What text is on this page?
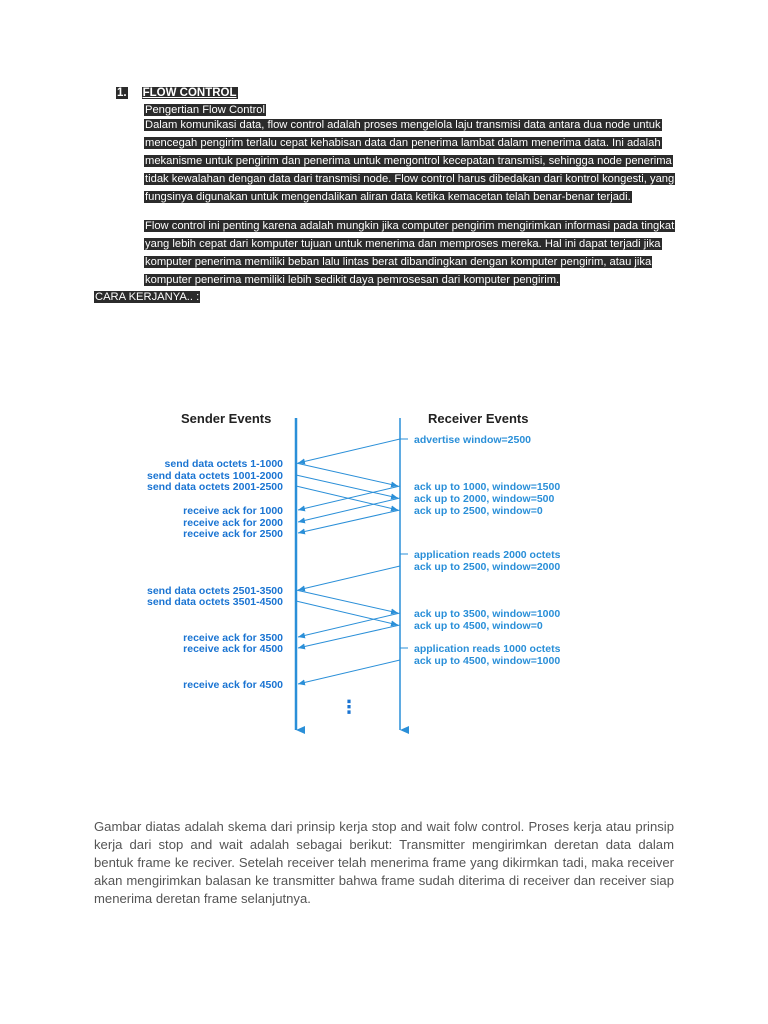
1. FLOW CONTROL

Pengertian Flow Control

Dalam komunikasi data, flow control adalah proses mengelola laju transmisi data antara dua node untuk mencegah pengirim terlalu cepat kehabisan data dan penerima lambat dalam menerima data. Ini adalah mekanisme untuk pengirim dan penerima untuk mengontrol kecepatan transmisi, sehingga node penerima tidak kewalahan dengan data dari transmisi node. Flow control harus dibedakan dari kontrol kongesti, yang fungsinya digunakan untuk mengendalikan aliran data ketika kemacetan telah benar-benar terjadi.

Flow control ini penting karena adalah mungkin jika computer pengirim mengirimkan informasi pada tingkat yang lebih cepat dari komputer tujuan untuk menerima dan memproses mereka. Hal ini dapat terjadi jika komputer penerima memiliki beban lalu lintas berat dibandingkan dengan komputer pengirim, atau jika komputer penerima memiliki lebih sedikit daya pemrosesan dari komputer pengirim.

CARA KERJANYA.. :
Sender Events	Receiver Events
send data octets 1-1000
send data octets 1001-2000
send data octets 2001-2500
receive ack for 1000
receive ack for 2000
receive ack for 2500
send data octets 2501-3500
send data octets 3501-4500
receive ack for 3500
receive ack for 4500
receive ack for 4500
advertise window=2500
ack up to 1000, window=1500
ack up to 2000, window=500
ack up to 2500, window=0
application reads 2000 octets
ack up to 2500, window=2000
ack up to 3500, window=1000
ack up to 4500, window=0
application reads 1000 octets
ack up to 4500, window=1000
⋮

Gambar diatas adalah skema dari prinsip kerja stop and wait folw control. Proses kerja atau prinsip kerja dari stop and wait adalah sebagai berikut: Transmitter mengirimkan deretan data dalam bentuk frame ke reciver. Setelah receiver telah menerima frame yang dikirmkan tadi, maka receiver akan mengirimkan balasan ke transmitter bahwa frame sudah diterima di receiver dan receiver siap menerima deretan frame selanjutnya.
